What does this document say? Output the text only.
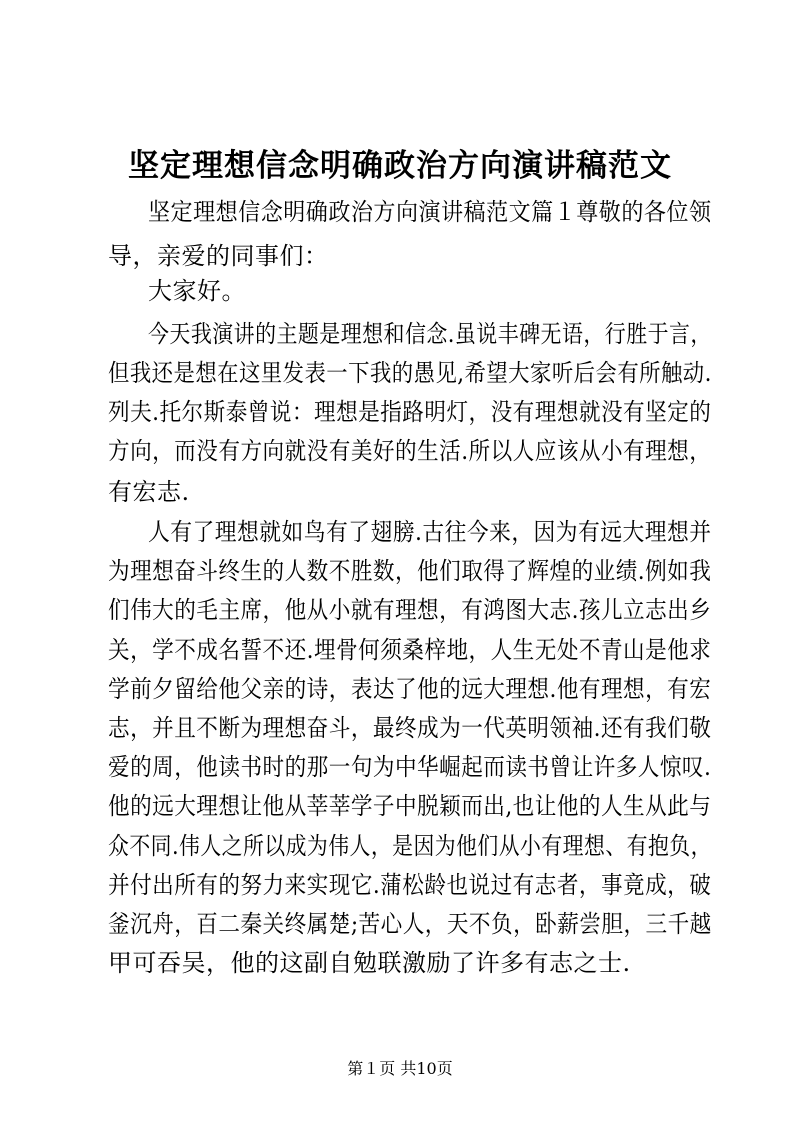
坚定理想信念明确政治方向演讲稿范文
坚定理想信念明确政治方向演讲稿范文篇１尊敬的各位领
导，亲爱的同事们：
大家好。
今天我演讲的主题是理想和信念.虽说丰碑无语，行胜于言，
但我还是想在这里发表一下我的愚见,希望大家听后会有所触动.
列夫.托尔斯泰曾说：理想是指路明灯，没有理想就没有坚定的
方向，而没有方向就没有美好的生活.所以人应该从小有理想，
有宏志.
人有了理想就如鸟有了翅膀.古往今来，因为有远大理想并
为理想奋斗终生的人数不胜数，他们取得了辉煌的业绩.例如我
们伟大的毛主席，他从小就有理想，有鸿图大志.孩儿立志出乡
关，学不成名誓不还.埋骨何须桑梓地，人生无处不青山是他求
学前夕留给他父亲的诗，表达了他的远大理想.他有理想，有宏
志，并且不断为理想奋斗，最终成为一代英明领袖.还有我们敬
爱的周，他读书时的那一句为中华崛起而读书曾让许多人惊叹.
他的远大理想让他从莘莘学子中脱颖而出,也让他的人生从此与
众不同.伟人之所以成为伟人，是因为他们从小有理想、有抱负，
并付出所有的努力来实现它.蒲松龄也说过有志者，事竟成，破
釜沉舟，百二秦关终属楚;苦心人，天不负，卧薪尝胆，三千越
甲可吞吴，他的这副自勉联激励了许多有志之士.
第１页 共10页
